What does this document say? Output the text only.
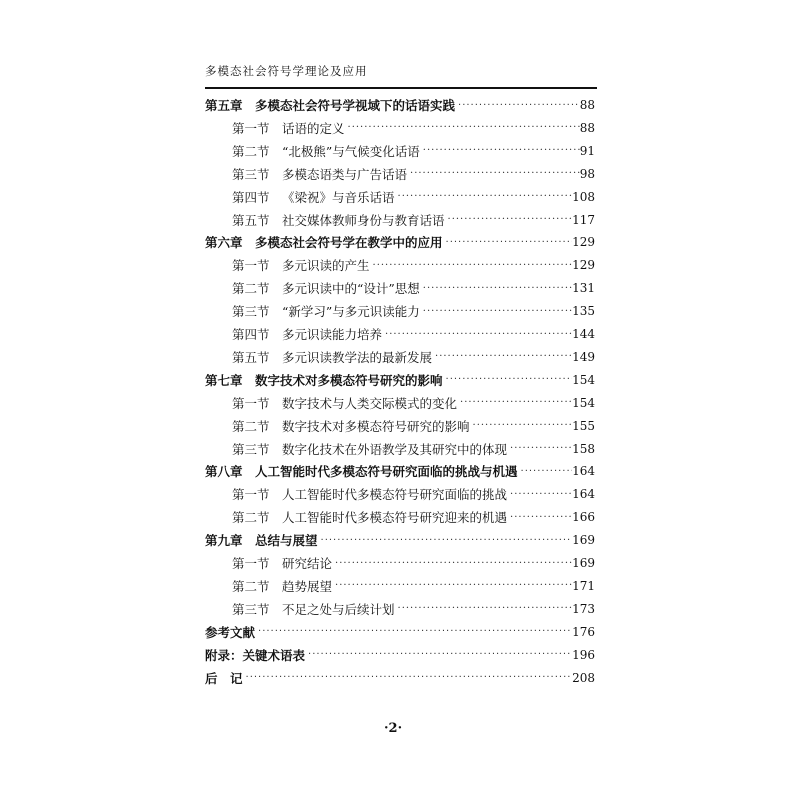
多模态社会符号学理论及应用
第五章 多模态社会符号学视域下的话语实践 ·····	88
第一节 话语的定义 ·····	88
第二节 “北极熊”与气候变化话语 ·····	91
第三节 多模态语类与广告话语 ·····	98
第四节 《梁祝》与音乐话语 ·····	108
第五节 社交媒体教师身份与教育话语 ·····	117
第六章 多模态社会符号学在教学中的应用 ·····	129
第一节 多元识读的产生 ·····	129
第二节 多元识读中的“设计”思想 ·····	131
第三节 “新学习”与多元识读能力 ·····	135
第四节 多元识读能力培养 ·····	144
第五节 多元识读教学法的最新发展 ·····	149
第七章 数字技术对多模态符号研究的影响 ·····	154
第一节 数字技术与人类交际模式的变化 ·····	154
第二节 数字技术对多模态符号研究的影响 ·····	155
第三节 数字化技术在外语教学及其研究中的体现 ·····	158
第八章 人工智能时代多模态符号研究面临的挑战与机遇 ·····	164
第一节 人工智能时代多模态符号研究面临的挑战 ·····	164
第二节 人工智能时代多模态符号研究迎来的机遇 ·····	166
第九章 总结与展望 ·····	169
第一节 研究结论 ·····	169
第二节 趋势展望 ·····	171
第三节 不足之处与后续计划 ·····	173
参考文献 ·····	176
附录：关键术语表 ·····	196
后　记 ·····	208
·2·
